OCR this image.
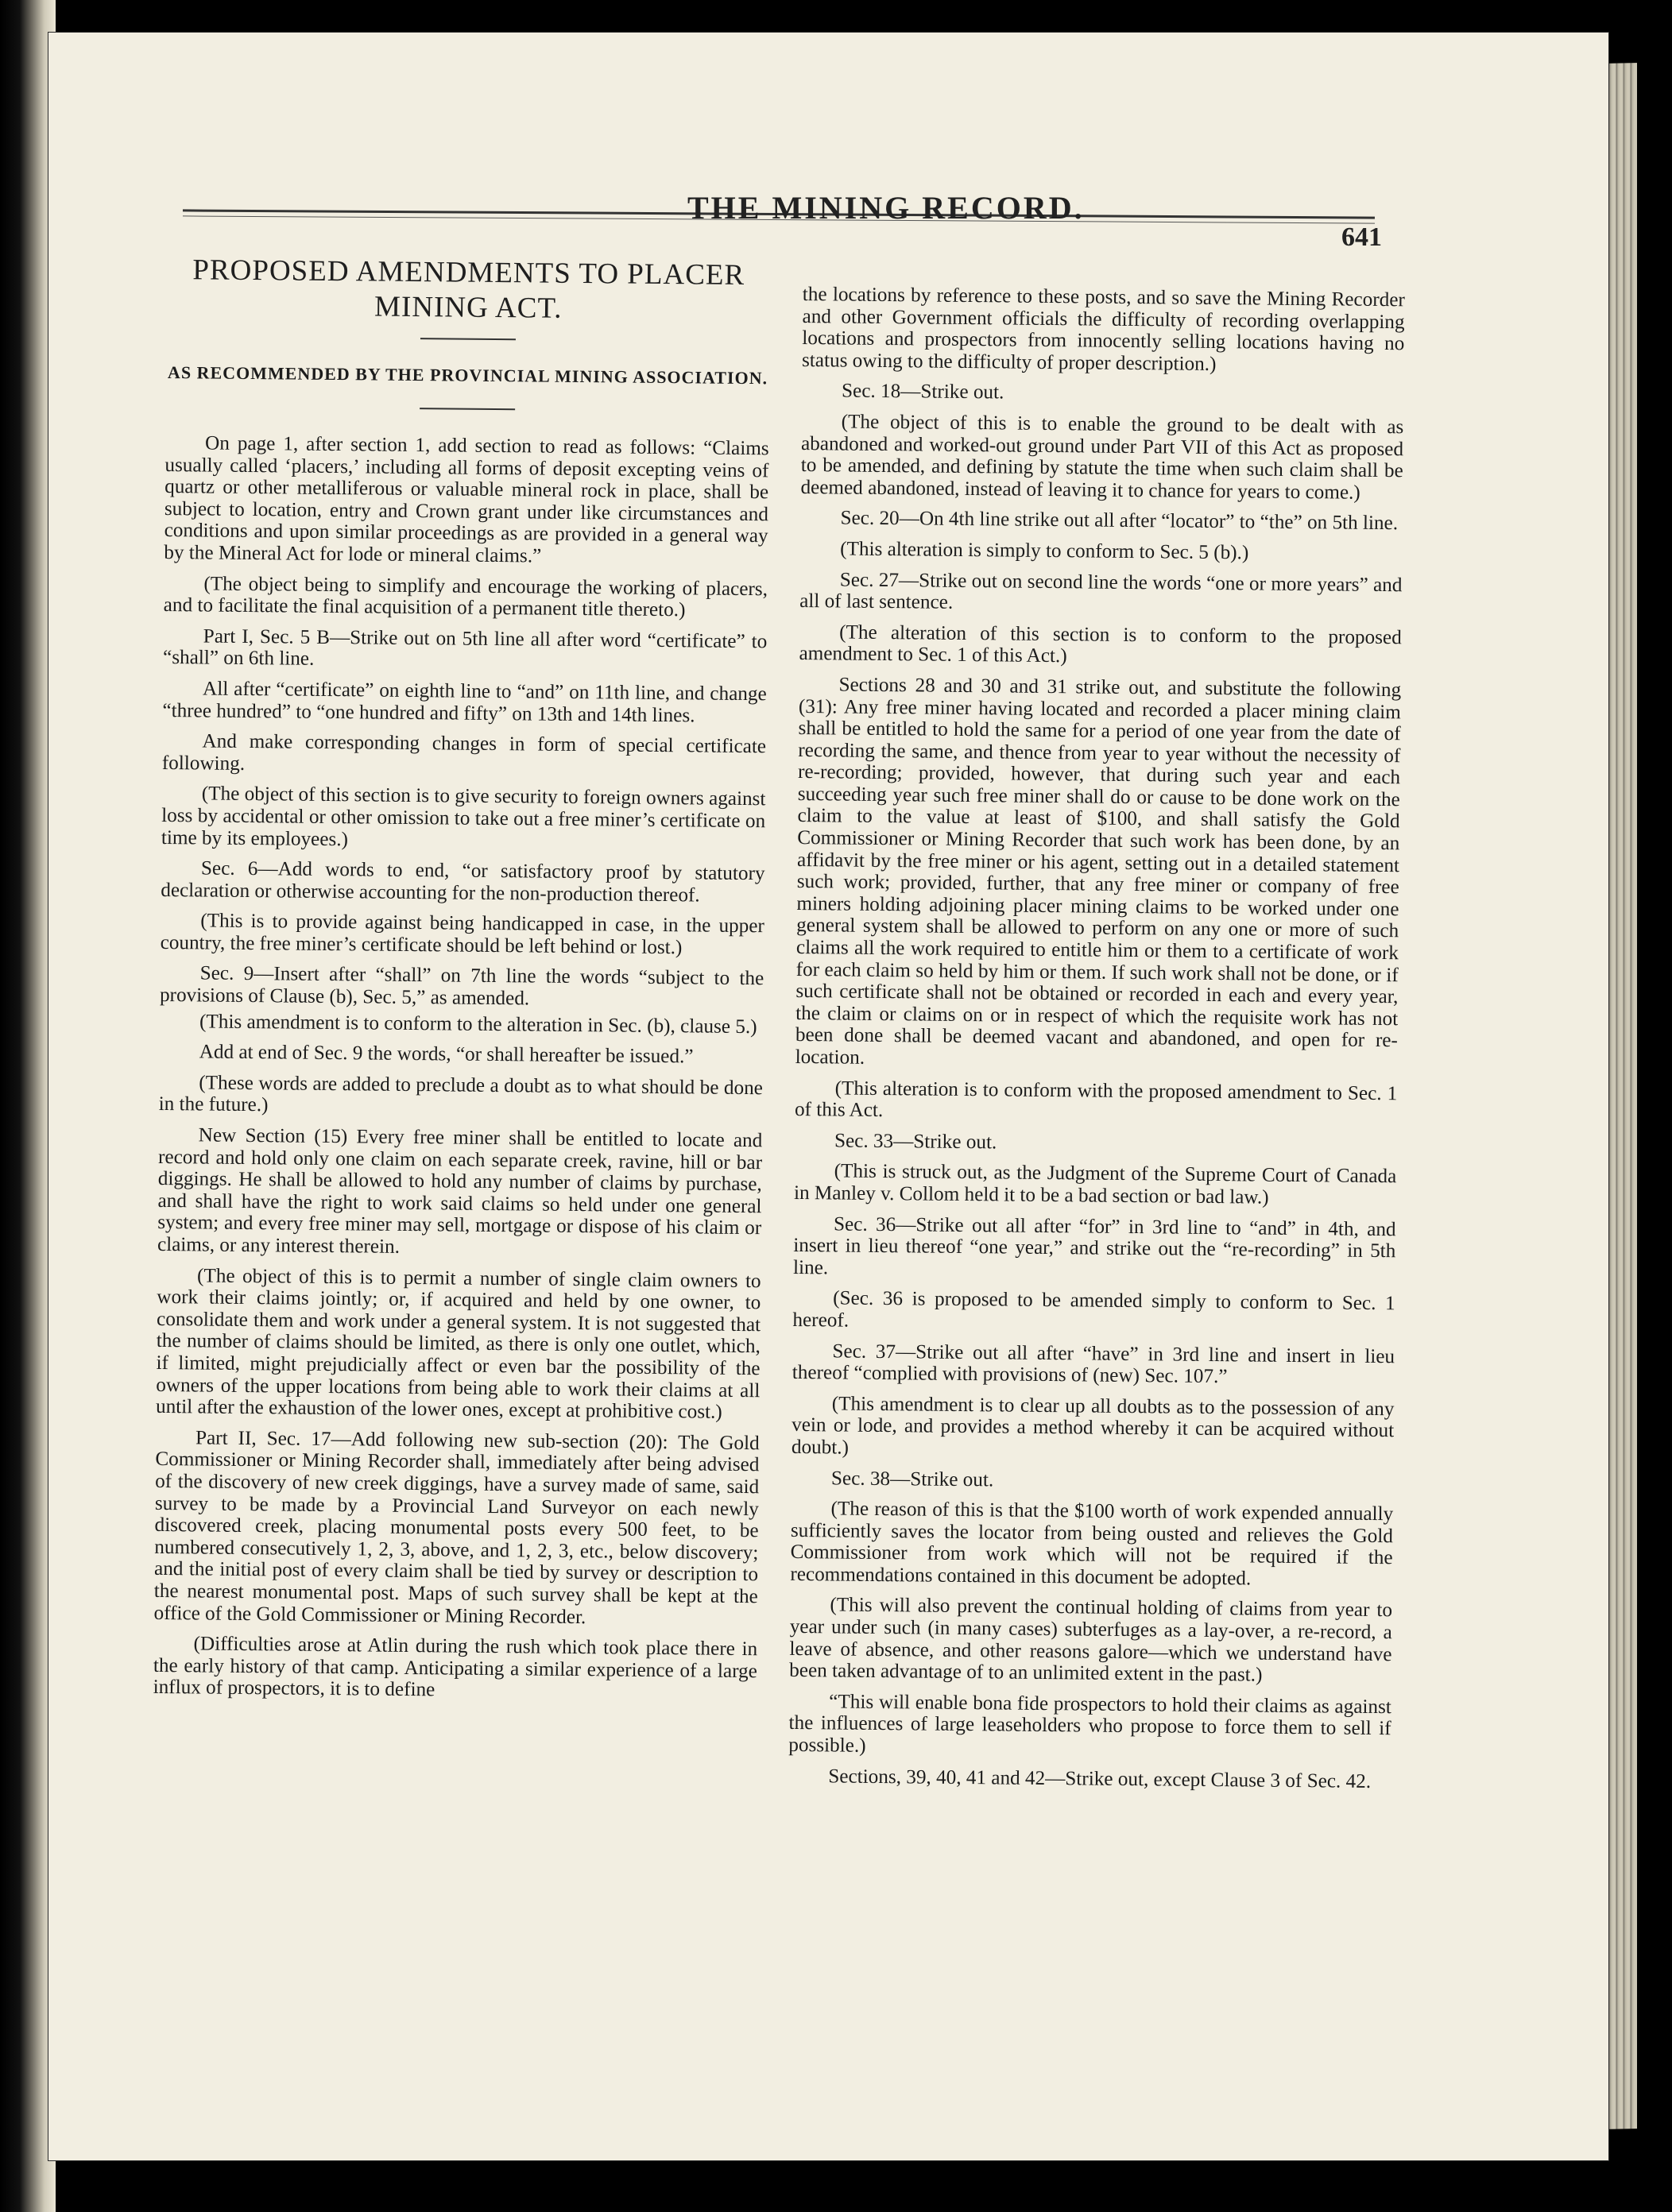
THE MINING RECORD.
641
PROPOSED AMENDMENTS TO PLACER MINING ACT.
AS RECOMMENDED BY THE PROVINCIAL MINING ASSOCIATION.

On page 1, after section 1, add section to read as follows: “Claims usually called ‘placers,’ including all forms of deposit excepting veins of quartz or other metalliferous or valuable mineral rock in place, shall be subject to location, entry and Crown grant under like circumstances and conditions and upon similar proceedings as are provided in a general way by the Mineral Act for lode or mineral claims.”

(The object being to simplify and encourage the working of placers, and to facilitate the final acquisition of a permanent title thereto.)

Part I, Sec. 5 B—Strike out on 5th line all after word “certificate” to “shall” on 6th line.

All after “certificate” on eighth line to “and” on 11th line, and change “three hundred” to “one hundred and fifty” on 13th and 14th lines.

And make corresponding changes in form of special certificate following.

(The object of this section is to give security to foreign owners against loss by accidental or other omission to take out a free miner’s certificate on time by its employees.)

Sec. 6—Add words to end, “or satisfactory proof by statutory declaration or otherwise accounting for the non-production thereof.

(This is to provide against being handicapped in case, in the upper country, the free miner’s certificate should be left behind or lost.)

Sec. 9—Insert after “shall” on 7th line the words “subject to the provisions of Clause (b), Sec. 5,” as amended.

(This amendment is to conform to the alteration in Sec. (b), clause 5.)

Add at end of Sec. 9 the words, “or shall hereafter be issued.”

(These words are added to preclude a doubt as to what should be done in the future.)

New Section (15) Every free miner shall be entitled to locate and record and hold only one claim on each separate creek, ravine, hill or bar diggings. He shall be allowed to hold any number of claims by purchase, and shall have the right to work said claims so held under one general system; and every free miner may sell, mortgage or dispose of his claim or claims, or any interest therein.

(The object of this is to permit a number of single claim owners to work their claims jointly; or, if acquired and held by one owner, to consolidate them and work under a general system. It is not suggested that the number of claims should be limited, as there is only one outlet, which, if limited, might prejudicially affect or even bar the possibility of the owners of the upper locations from being able to work their claims at all until after the exhaustion of the lower ones, except at prohibitive cost.)

Part II, Sec. 17—Add following new sub-section (20): The Gold Commissioner or Mining Recorder shall, immediately after being advised of the discovery of new creek diggings, have a survey made of same, said survey to be made by a Provincial Land Surveyor on each newly discovered creek, placing monumental posts every 500 feet, to be numbered consecutively 1, 2, 3, above, and 1, 2, 3, etc., below discovery; and the initial post of every claim shall be tied by survey or description to the nearest monumental post. Maps of such survey shall be kept at the office of the Gold Commissioner or Mining Recorder.

(Difficulties arose at Atlin during the rush which took place there in the early history of that camp. Anticipating a similar experience of a large influx of prospectors, it is to define

the locations by reference to these posts, and so save the Mining Recorder and other Government officials the difficulty of recording overlapping locations and prospectors from innocently selling locations having no status owing to the difficulty of proper description.)

Sec. 18—Strike out.

(The object of this is to enable the ground to be dealt with as abandoned and worked-out ground under Part VII of this Act as proposed to be amended, and defining by statute the time when such claim shall be deemed abandoned, instead of leaving it to chance for years to come.)

Sec. 20—On 4th line strike out all after “locator” to “the” on 5th line.

(This alteration is simply to conform to Sec. 5 (b).)

Sec. 27—Strike out on second line the words “one or more years” and all of last sentence.

(The alteration of this section is to conform to the proposed amendment to Sec. 1 of this Act.)

Sections 28 and 30 and 31 strike out, and substitute the following (31): Any free miner having located and recorded a placer mining claim shall be entitled to hold the same for a period of one year from the date of recording the same, and thence from year to year without the necessity of re-recording; provided, however, that during such year and each succeeding year such free miner shall do or cause to be done work on the claim to the value at least of $100, and shall satisfy the Gold Commissioner or Mining Recorder that such work has been done, by an affidavit by the free miner or his agent, setting out in a detailed statement such work; provided, further, that any free miner or company of free miners holding adjoining placer mining claims to be worked under one general system shall be allowed to perform on any one or more of such claims all the work required to entitle him or them to a certificate of work for each claim so held by him or them. If such work shall not be done, or if such certificate shall not be obtained or recorded in each and every year, the claim or claims on or in respect of which the requisite work has not been done shall be deemed vacant and abandoned, and open for re-location.

(This alteration is to conform with the proposed amendment to Sec. 1 of this Act.

Sec. 33—Strike out.

(This is struck out, as the Judgment of the Supreme Court of Canada in Manley v. Collom held it to be a bad section or bad law.)

Sec. 36—Strike out all after “for” in 3rd line to “and” in 4th, and insert in lieu thereof “one year,” and strike out the “re-recording” in 5th line.

(Sec. 36 is proposed to be amended simply to conform to Sec. 1 hereof.

Sec. 37—Strike out all after “have” in 3rd line and insert in lieu thereof “complied with provisions of (new) Sec. 107.”

(This amendment is to clear up all doubts as to the possession of any vein or lode, and provides a method whereby it can be acquired without doubt.)

Sec. 38—Strike out.

(The reason of this is that the $100 worth of work expended annually sufficiently saves the locator from being ousted and relieves the Gold Commissioner from work which will not be required if the recommendations contained in this document be adopted.

(This will also prevent the continual holding of claims from year to year under such (in many cases) subterfuges as a lay-over, a re-record, a leave of absence, and other reasons galore—which we understand have been taken advantage of to an unlimited extent in the past.)

“This will enable bona fide prospectors to hold their claims as against the influences of large leaseholders who propose to force them to sell if possible.)

Sections, 39, 40, 41 and 42—Strike out, except Clause 3 of Sec. 42.
